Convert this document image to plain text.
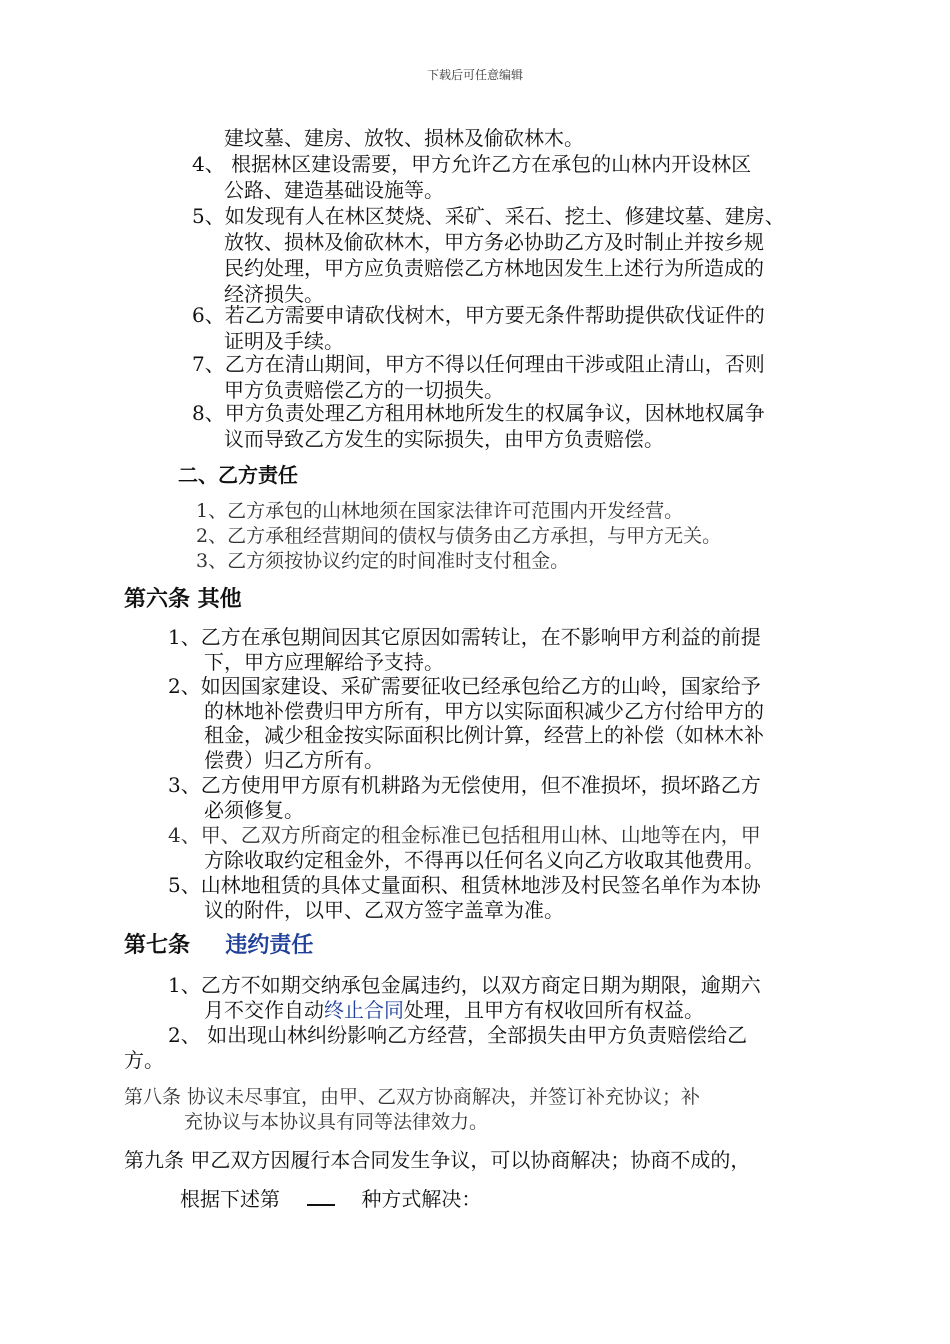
下载后可任意编辑
建坟墓、建房、放牧、损林及偷砍林木。
4、 根据林区建设需要，甲方允许乙方在承包的山林内开设林区
公路、建造基础设施等。
5、如发现有人在林区焚烧、采矿、采石、挖土、修建坟墓、建房、
放牧、损林及偷砍林木，甲方务必协助乙方及时制止并按乡规
民约处理，甲方应负责赔偿乙方林地因发生上述行为所造成的
经济损失。
6、若乙方需要申请砍伐树木，甲方要无条件帮助提供砍伐证件的
证明及手续。
7、乙方在清山期间，甲方不得以任何理由干涉或阻止清山，否则
甲方负责赔偿乙方的一切损失。
8、甲方负责处理乙方租用林地所发生的权属争议，因林地权属争
议而导致乙方发生的实际损失，由甲方负责赔偿。
二、乙方责任
1、乙方承包的山林地须在国家法律许可范围内开发经营。
2、乙方承租经营期间的债权与债务由乙方承担，与甲方无关。
3、乙方须按协议约定的时间准时支付租金。
第六条 其他
1、乙方在承包期间因其它原因如需转让，在不影响甲方利益的前提
下，甲方应理解给予支持。
2、如因国家建设、采矿需要征收已经承包给乙方的山岭，国家给予
的林地补偿费归甲方所有，甲方以实际面积减少乙方付给甲方的
租金，减少租金按实际面积比例计算，经营上的补偿（如林木补
偿费）归乙方所有。
3、乙方使用甲方原有机耕路为无偿使用，但不准损坏，损坏路乙方
必须修复。
4、甲、乙双方所商定的租金标准已包括租用山林、山地等在内，甲
方除收取约定租金外，不得再以任何名义向乙方收取其他费用。
5、山林地租赁的具体丈量面积、租赁林地涉及村民签名单作为本协
议的附件，以甲、乙双方签字盖章为准。
第七条 违约责任
1、乙方不如期交纳承包金属违约，以双方商定日期为期限，逾期六
月不交作自动终止合同处理，且甲方有权收回所有权益。
2、 如出现山林纠纷影响乙方经营，全部损失由甲方负责赔偿给乙
方。
第八条 协议未尽事宜，由甲、乙双方协商解决，并签订补充协议；补
充协议与本协议具有同等法律效力。
第九条 甲乙双方因履行本合同发生争议，可以协商解决；协商不成的，
根据下述第	种方式解决：
